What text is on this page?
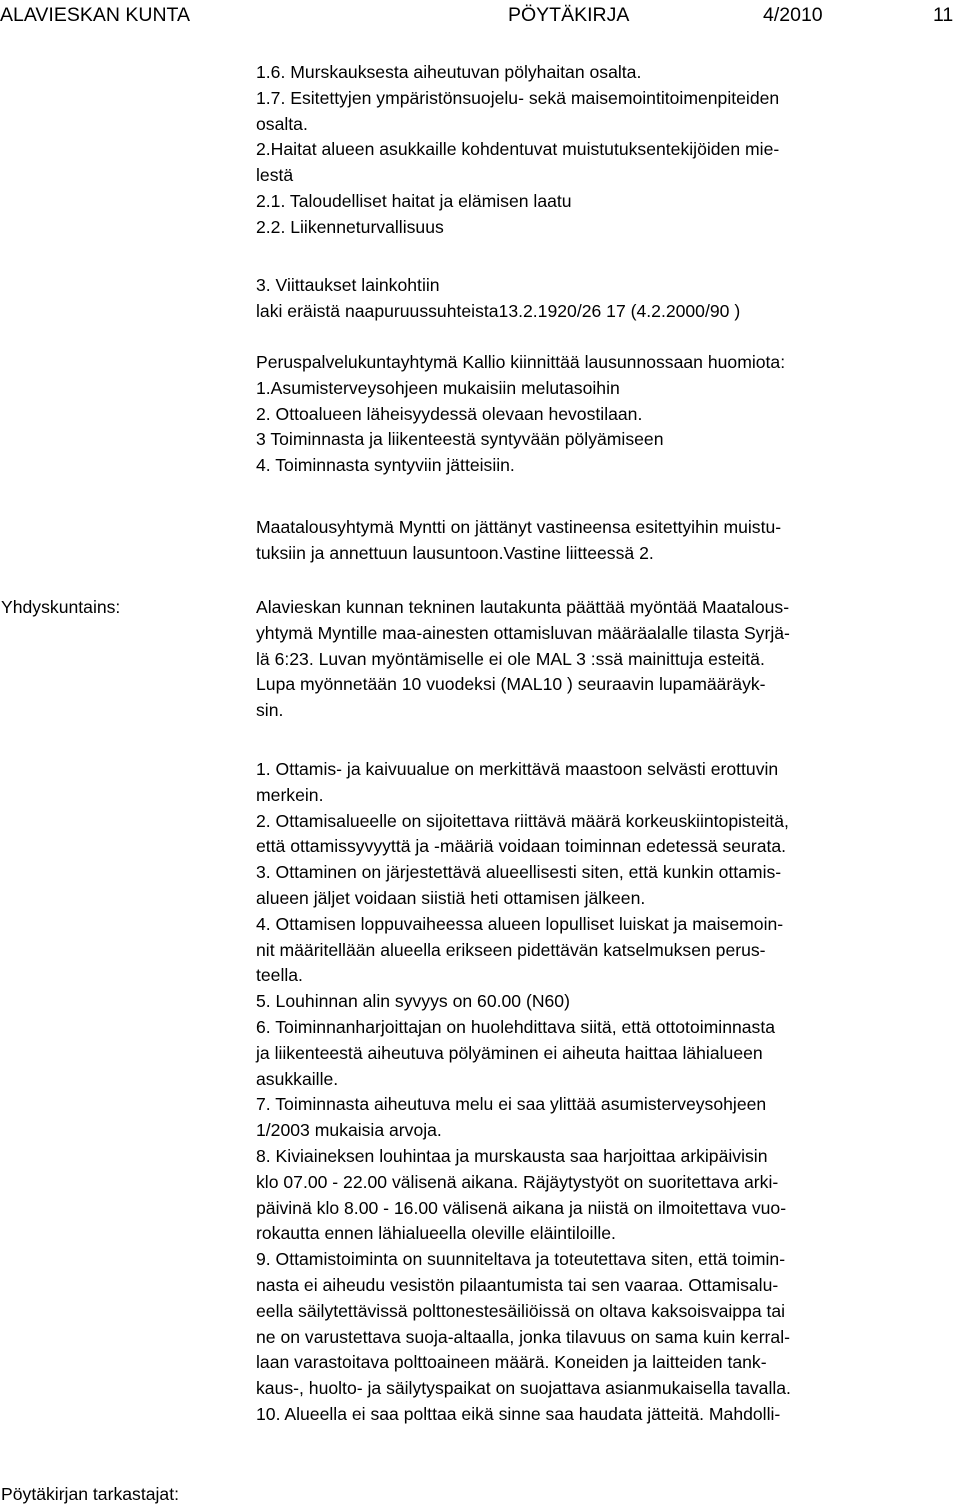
ALAVIESKAN KUNTA	PÖYTÄKIRJA	4/2010	11
1.6. Murskauksesta aiheutuvan pölyhaitan osalta.
1.7. Esitettyjen ympäristönsuojelu- sekä maisemointitoimenpiteiden
osalta.
2.Haitat alueen asukkaille kohdentuvat muistutuksentekijöiden mie-
lestä
2.1. Taloudelliset haitat ja elämisen laatu
2.2. Liikenneturvallisuus
3. Viittaukset lainkohtiin
laki eräistä naapuruussuhteista13.2.1920/26 17 (4.2.2000/90 )
Peruspalvelukuntayhtymä Kallio kiinnittää lausunnossaan huomiota:
1.Asumisterveysohjeen mukaisiin melutasoihin
2. Ottoalueen läheisyydessä olevaan hevostilaan.
3 Toiminnasta ja liikenteestä syntyvään pölyämiseen
4. Toiminnasta syntyviin jätteisiin.
Maatalousyhtymä Myntti on jättänyt vastineensa esitettyihin muistu-
tuksiin ja annettuun lausuntoon.Vastine liitteessä 2.
Yhdyskuntains:	Alavieskan kunnan tekninen lautakunta päättää myöntää Maatalous-
yhtymä Myntille maa-ainesten ottamisluvan määräalalle tilasta Syrjä-
lä 6:23. Luvan myöntämiselle ei ole MAL 3 :ssä mainittuja esteitä.
Lupa myönnetään 10 vuodeksi (MAL10 ) seuraavin lupamääräyk-
sin.
1. Ottamis- ja kaivuualue on merkittävä maastoon selvästi erottuvin
merkein.
2. Ottamisalueelle on sijoitettava riittävä määrä korkeuskiintopisteitä,
että ottamissyvyyttä ja -määriä voidaan toiminnan edetessä seurata.
3. Ottaminen on järjestettävä alueellisesti siten, että kunkin ottamis-
alueen jäljet voidaan siistiä heti ottamisen jälkeen.
4. Ottamisen loppuvaiheessa alueen lopulliset luiskat ja maisemoin-
nit määritellään alueella erikseen pidettävän katselmuksen perus-
teella.
5. Louhinnan alin syvyys on 60.00 (N60)
6. Toiminnanharjoittajan on huolehdittava siitä, että ottotoiminnasta
ja liikenteestä aiheutuva pölyäminen ei aiheuta haittaa lähialueen
asukkaille.
7. Toiminnasta aiheutuva melu ei saa ylittää asumisterveysohjeen
1/2003 mukaisia arvoja.
8. Kiviaineksen louhintaa ja murskausta saa harjoittaa arkipäivisin
klo 07.00 - 22.00 välisenä aikana. Räjäytystyöt on suoritettava arki-
päivinä klo 8.00 - 16.00 välisenä aikana ja niistä on ilmoitettava vuo-
rokautta ennen lähialueella oleville eläintiloille.
9. Ottamistoiminta on suunniteltava ja toteutettava siten, että toimin-
nasta ei aiheudu vesistön pilaantumista tai sen vaaraa. Ottamisalu-
eella säilytettävissä polttonestesäiliöissä on oltava kaksoisvaippa tai
ne on varustettava suoja-altaalla, jonka tilavuus on sama kuin kerral-
laan varastoitava polttoaineen määrä. Koneiden ja laitteiden tank-
kaus-, huolto- ja säilytyspaikat on suojattava asianmukaisella tavalla.
10. Alueella ei saa polttaa eikä sinne saa haudata jätteitä. Mahdolli-
Pöytäkirjan tarkastajat:
